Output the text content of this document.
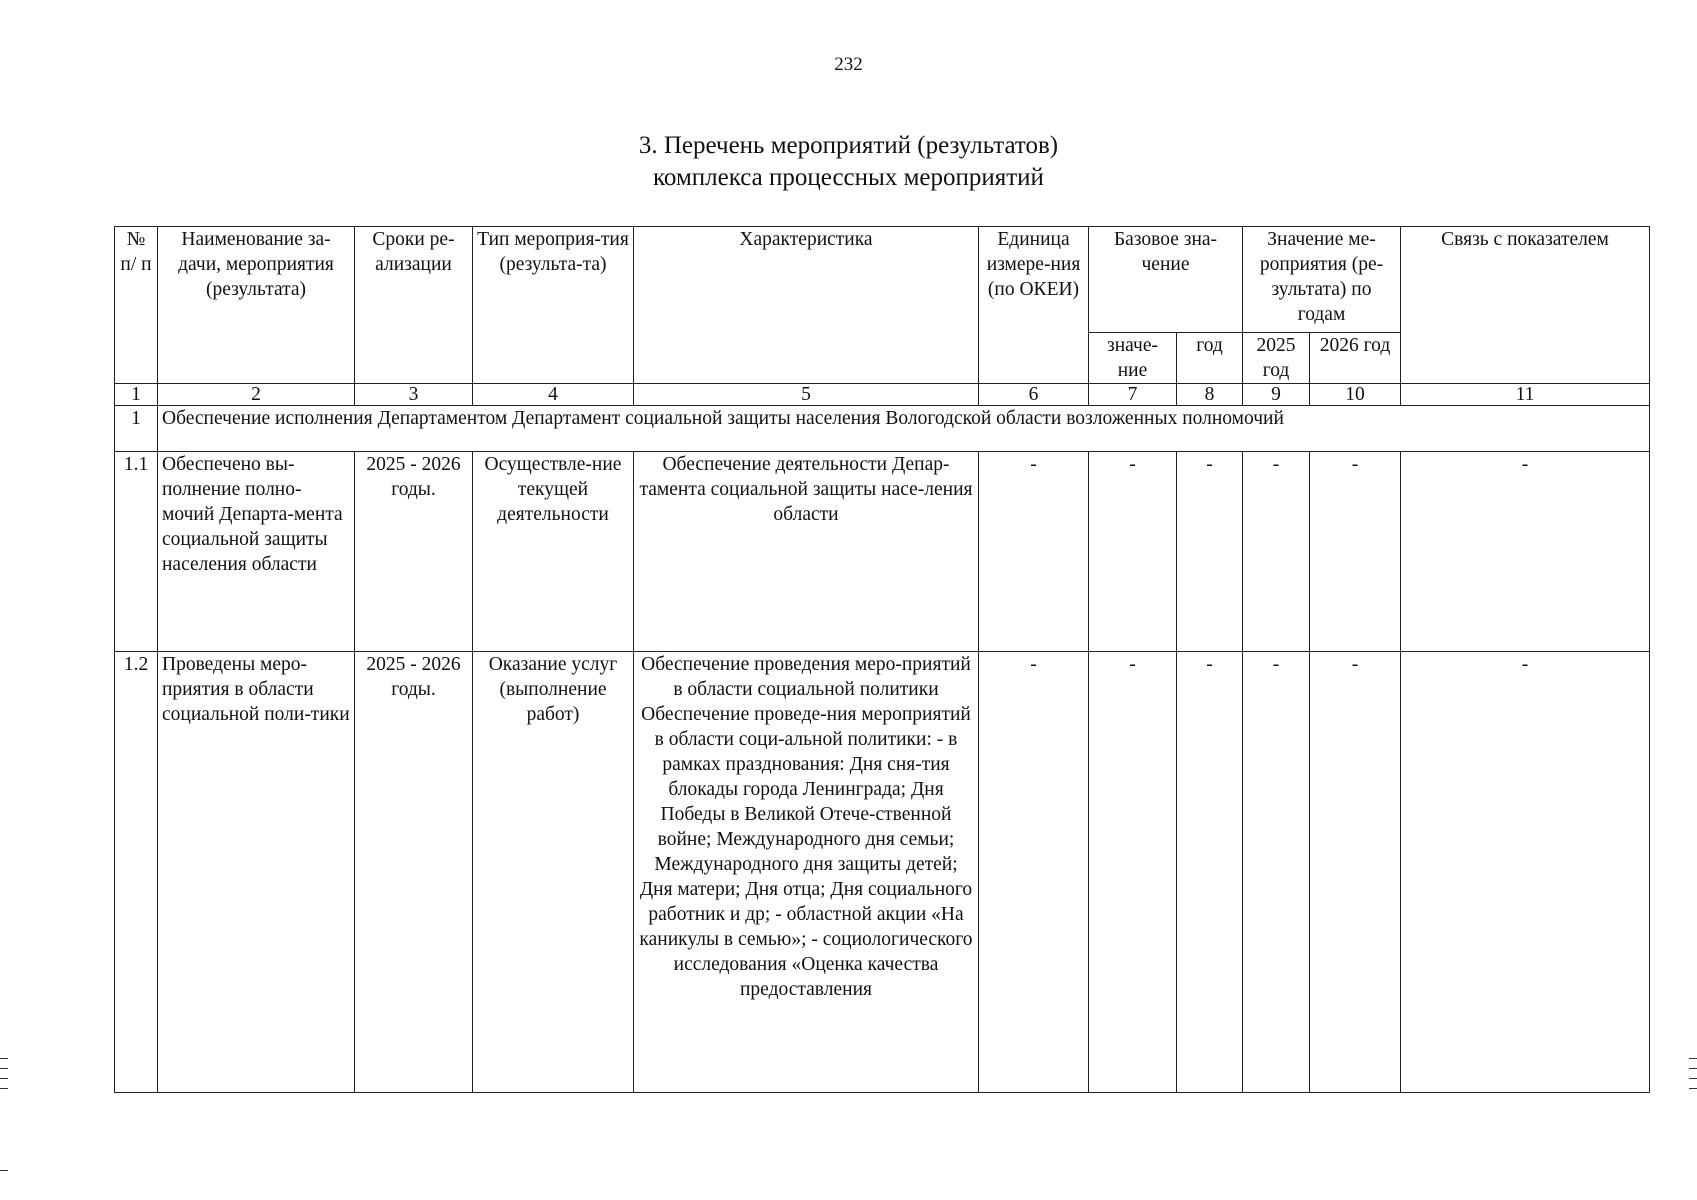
232
3. Перечень мероприятий (результатов)
комплекса процессных мероприятий
№ п/ п	Наименование за-дачи, мероприятия (результата)	Сроки ре-ализации	Тип мероприя-тия (результа-та)	Характеристика	Единица измере-ния (по ОКЕИ)	Базовое зна-чение		Значение ме-роприятия (ре-зультата) по годам		Связь с показателем
						значе-ние	год	2025 год	2026 год	
1	2	3	4	5	6	7	8	9	10	11
1	Обеспечение исполнения Департаментом Департамент социальной защиты населения Вологодской области возложенных полномочий									
1.1	Обеспечено вы-полнение полно-мочий Департа-мента социальной защиты населения области	2025 - 2026 годы.	Осуществле-ние текущей деятельности	Обеспечение деятельности Депар-тамента социальной защиты насе-ления области	-	-	-	-	-	-
1.2	Проведены меро-приятия в области социальной поли-тики	2025 - 2026 годы.	Оказание услуг (выполнение работ)	Обеспечение проведения меро-приятий в области социальной политики Обеспечение проведе-ния мероприятий в области соци-альной политики: - в рамках празднования: Дня сня-тия блокады города Ленинграда; Дня Победы в Великой Отече-ственной войне; Международного дня семьи; Международного дня защиты детей; Дня матери; Дня отца; Дня социального работник и др; - областной акции «На каникулы в семью»; - социологического исследования «Оценка качества предоставления	-	-	-	-	-	-
